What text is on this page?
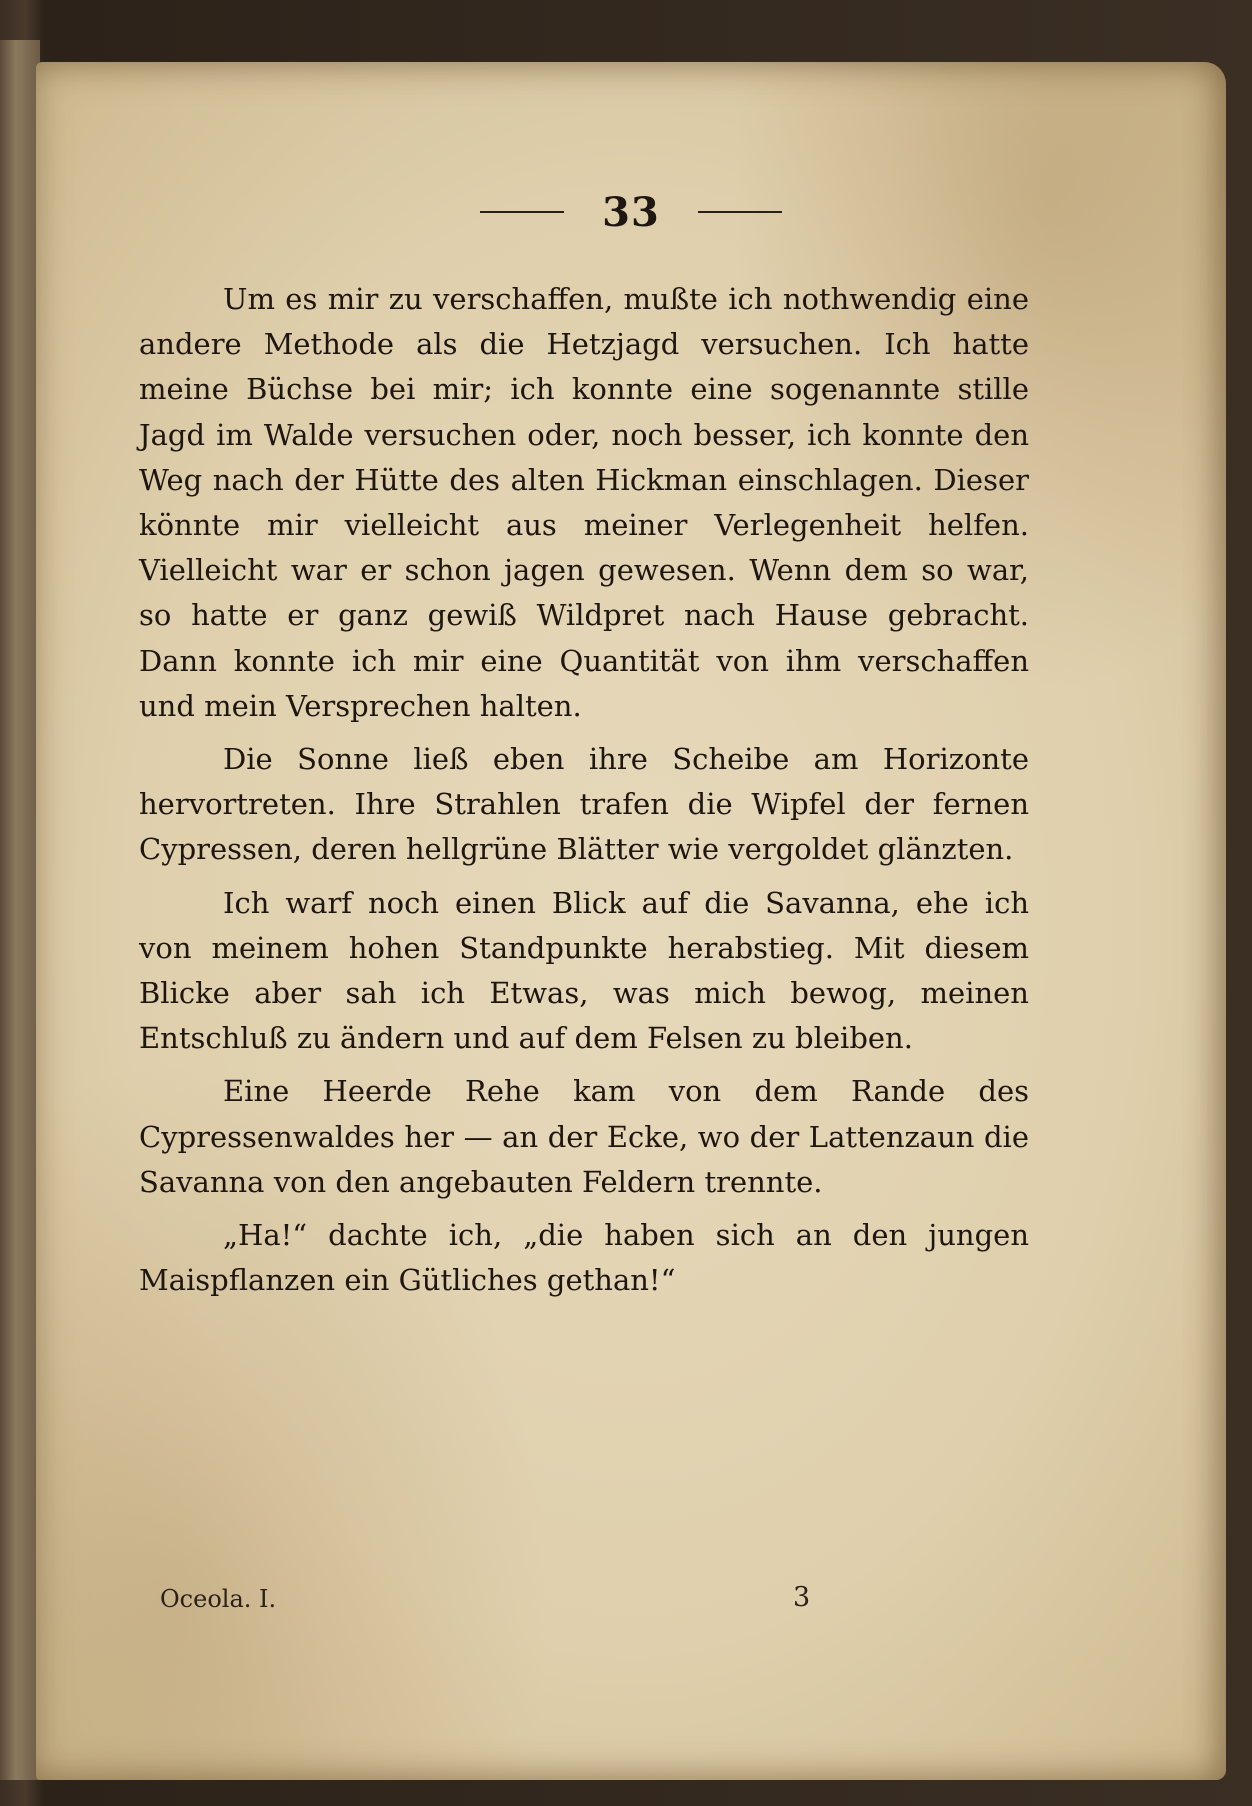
33

Um es mir zu verschaffen, mußte ich nothwendig eine andere Methode als die Hetzjagd versuchen. Ich hatte meine Büchse bei mir; ich konnte eine sogenannte stille Jagd im Walde versuchen oder, noch besser, ich konnte den Weg nach der Hütte des alten Hickman einschlagen. Dieser könnte mir vielleicht aus meiner Verlegenheit helfen. Vielleicht war er schon jagen gewesen. Wenn dem so war, so hatte er ganz gewiß Wildpret nach Hause gebracht. Dann konnte ich mir eine Quantität von ihm verschaffen und mein Versprechen halten.

Die Sonne ließ eben ihre Scheibe am Horizonte hervortreten. Ihre Strahlen trafen die Wipfel der fernen Cypressen, deren hellgrüne Blätter wie vergoldet glänzten.

Ich warf noch einen Blick auf die Savanna, ehe ich von meinem hohen Standpunkte herabstieg. Mit diesem Blicke aber sah ich Etwas, was mich bewog, meinen Entschluß zu ändern und auf dem Felsen zu bleiben.

Eine Heerde Rehe kam von dem Rande des Cypressenwaldes her — an der Ecke, wo der Lattenzaun die Savanna von den angebauten Feldern trennte.

„Ha!“ dachte ich, „die haben sich an den jungen Maispflanzen ein Gütliches gethan!“

Oceola. I.	3
